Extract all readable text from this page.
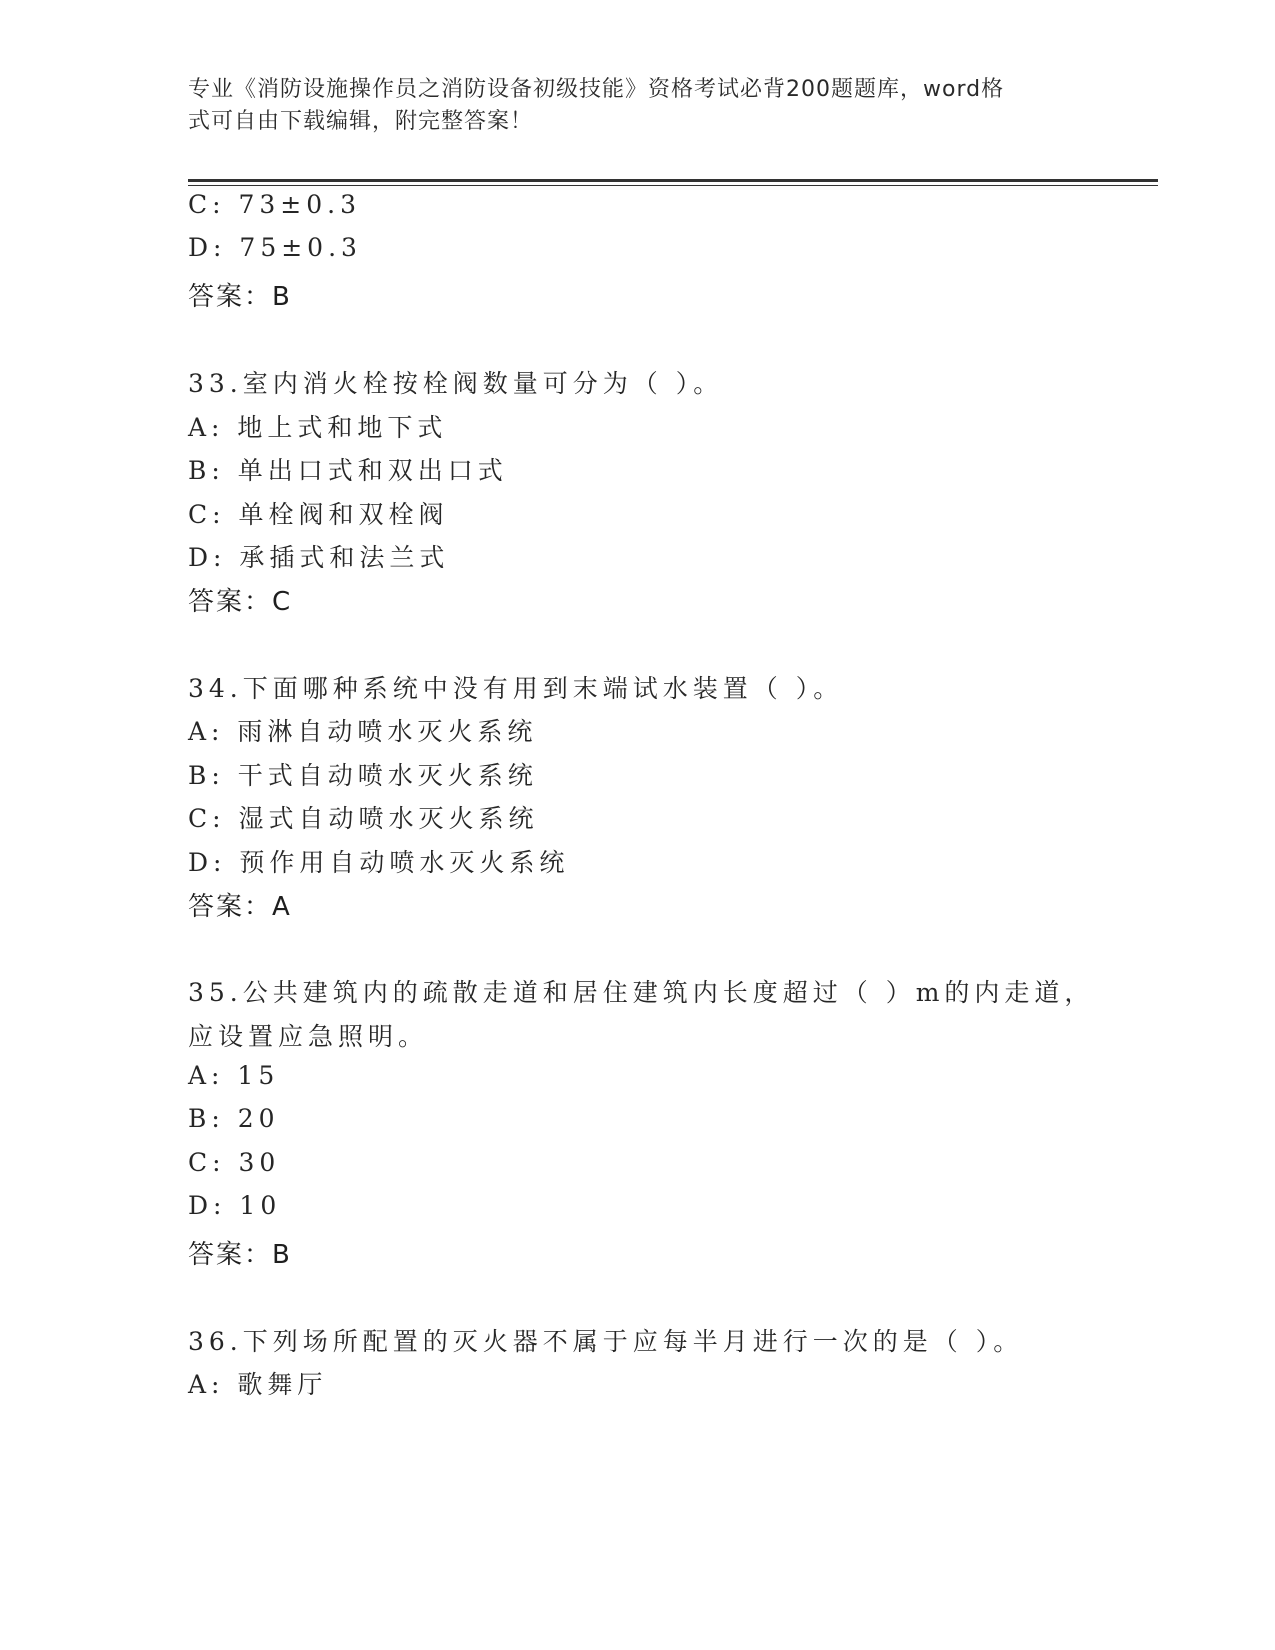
专业《消防设施操作员之消防设备初级技能》资格考试必背200题题库，word格
式可自由下载编辑，附完整答案！
C: 73±0.3
D: 75±0.3
答案：B
33.室内消火栓按栓阀数量可分为（ ）。
A: 地上式和地下式
B: 单出口式和双出口式
C: 单栓阀和双栓阀
D: 承插式和法兰式
答案：C
34.下面哪种系统中没有用到末端试水装置（ ）。
A: 雨淋自动喷水灭火系统
B: 干式自动喷水灭火系统
C: 湿式自动喷水灭火系统
D: 预作用自动喷水灭火系统
答案：A
35.公共建筑内的疏散走道和居住建筑内长度超过（ ）m的内走道，
应设置应急照明。
A: 15
B: 20
C: 30
D: 10
答案：B
36.下列场所配置的灭火器不属于应每半月进行一次的是（ ）。
A: 歌舞厅
